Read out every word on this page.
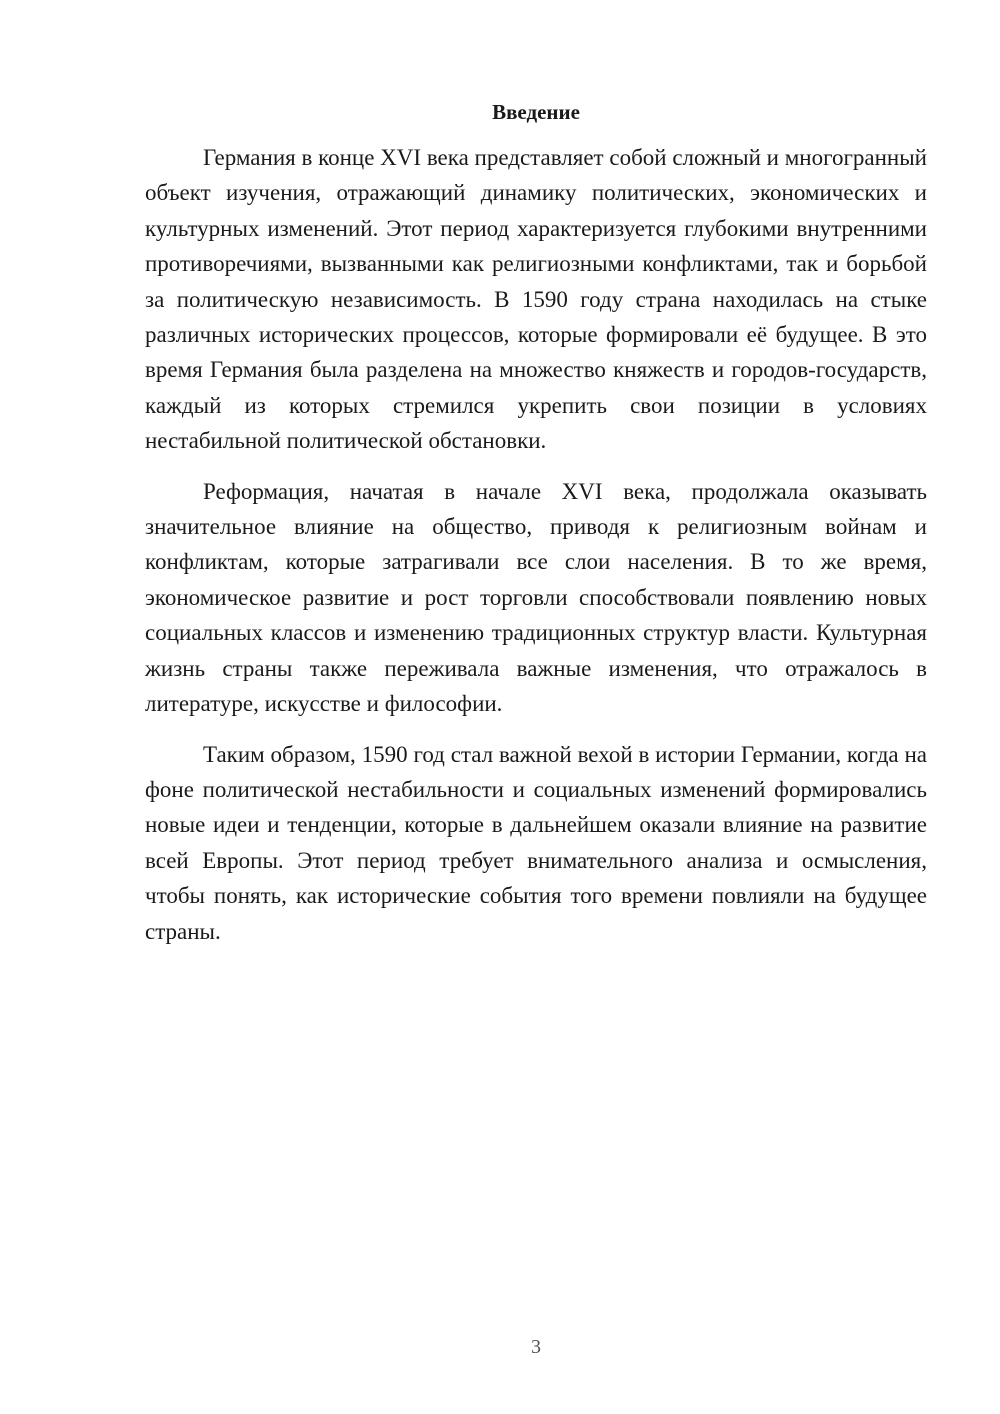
Введение

Германия в конце XVI века представляет собой сложный и многогранный объект изучения, отражающий динамику политических, экономических и культурных изменений. Этот период характеризуется глубокими внутренними противоречиями, вызванными как религиозными конфликтами, так и борьбой за политическую независимость. В 1590 году страна находилась на стыке различных исторических процессов, которые формировали её будущее. В это время Германия была разделена на множество княжеств и городов-государств, каждый из которых стремился укрепить свои позиции в условиях нестабильной политической обстановки.

Реформация, начатая в начале XVI века, продолжала оказывать значительное влияние на общество, приводя к религиозным войнам и конфликтам, которые затрагивали все слои населения. В то же время, экономическое развитие и рост торговли способствовали появлению новых социальных классов и изменению традиционных структур власти. Культурная жизнь страны также переживала важные изменения, что отражалось в литературе, искусстве и философии.

Таким образом, 1590 год стал важной вехой в истории Германии, когда на фоне политической нестабильности и социальных изменений формировались новые идеи и тенденции, которые в дальнейшем оказали влияние на развитие всей Европы. Этот период требует внимательного анализа и осмысления, чтобы понять, как исторические события того времени повлияли на будущее страны.

3
